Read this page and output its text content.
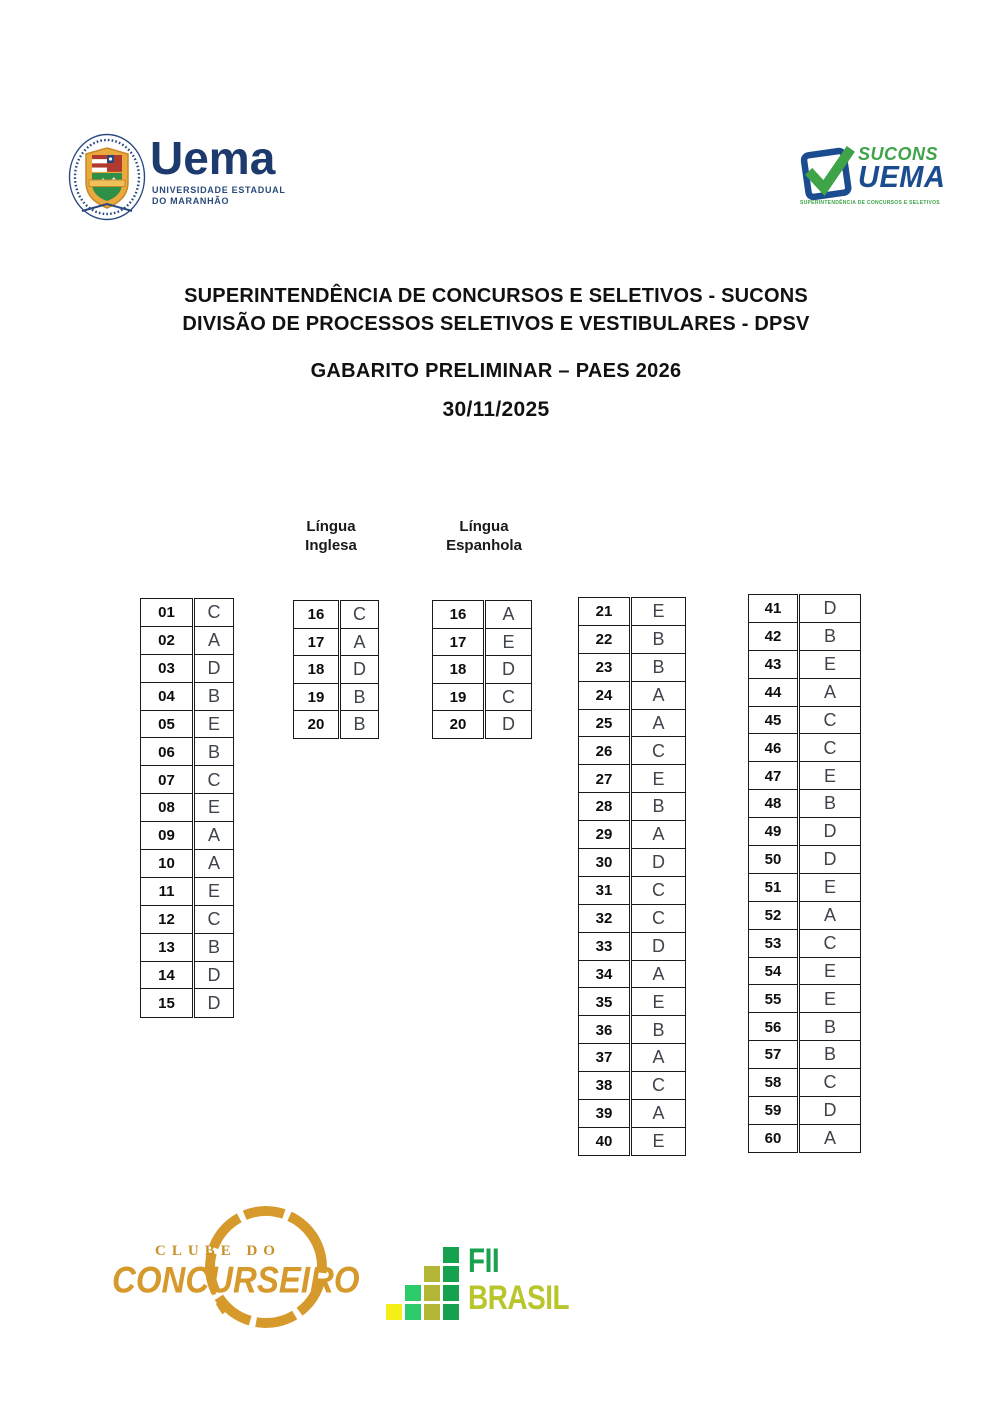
Uema
UNIVERSIDADE ESTADUAL
DO MARANHÃO
SUCONS
UEMA
SUPERINTENDÊNCIA DE CONCURSOS E SELETIVOS
SUPERINTENDÊNCIA DE CONCURSOS E SELETIVOS - SUCONS
DIVISÃO DE PROCESSOS SELETIVOS E VESTIBULARES - DPSV
GABARITO PRELIMINAR – PAES 2026
30/11/2025
Língua
Inglesa
Língua
Espanhola
01	C
02	A
03	D
04	B
05	E
06	B
07	C
08	E
09	A
10	A
11	E
12	C
13	B
14	D
15	D
16	C
17	A
18	D
19	B
20	B
16	A
17	E
18	D
19	C
20	D
21	E
22	B
23	B
24	A
25	A
26	C
27	E
28	B
29	A
30	D
31	C
32	C
33	D
34	A
35	E
36	B
37	A
38	C
39	A
40	E
41	D
42	B
43	E
44	A
45	C
46	C
47	E
48	B
49	D
50	D
51	E
52	A
53	C
54	E
55	E
56	B
57	B
58	C
59	D
60	A
CLUBE DO
CONCURSEIRO	FII
BRASIL
